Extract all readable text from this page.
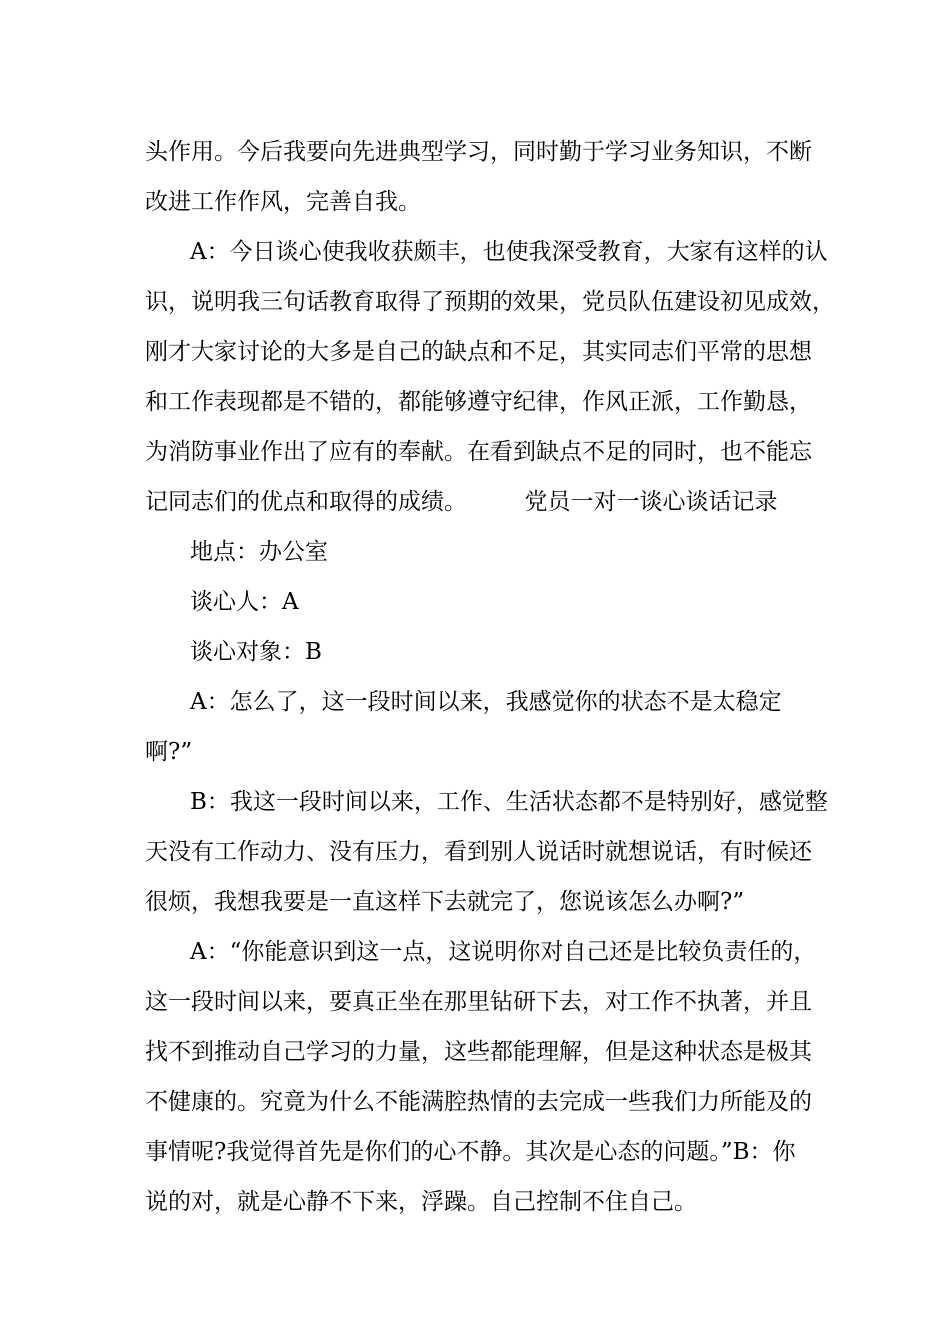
头作用。今后我要向先进典型学习，同时勤于学习业务知识，不断

改进工作作风，完善自我。

A：今日谈心使我收获颇丰，也使我深受教育，大家有这样的认

识，说明我三句话教育取得了预期的效果，党员队伍建设初见成效，

刚才大家讨论的大多是自己的缺点和不足，其实同志们平常的思想

和工作表现都是不错的，都能够遵守纪律，作风正派，工作勤恳，

为消防事业作出了应有的奉献。在看到缺点不足的同时，也不能忘

记同志们的优点和取得的成绩。　　　党员一对一谈心谈话记录

地点：办公室

谈心人：A

谈心对象：B

A：怎么了，这一段时间以来，我感觉你的状态不是太稳定

啊?”

B：我这一段时间以来，工作、生活状态都不是特别好，感觉整

天没有工作动力、没有压力，看到别人说话时就想说话，有时候还

很烦，我想我要是一直这样下去就完了，您说该怎么办啊?”

A：“你能意识到这一点，这说明你对自己还是比较负责任的，

这一段时间以来，要真正坐在那里钻研下去，对工作不执著，并且

找不到推动自己学习的力量，这些都能理解，但是这种状态是极其

不健康的。究竟为什么不能满腔热情的去完成一些我们力所能及的

事情呢?我觉得首先是你们的心不静。其次是心态的问题。”B：你

说的对，就是心静不下来，浮躁。自己控制不住自己。
